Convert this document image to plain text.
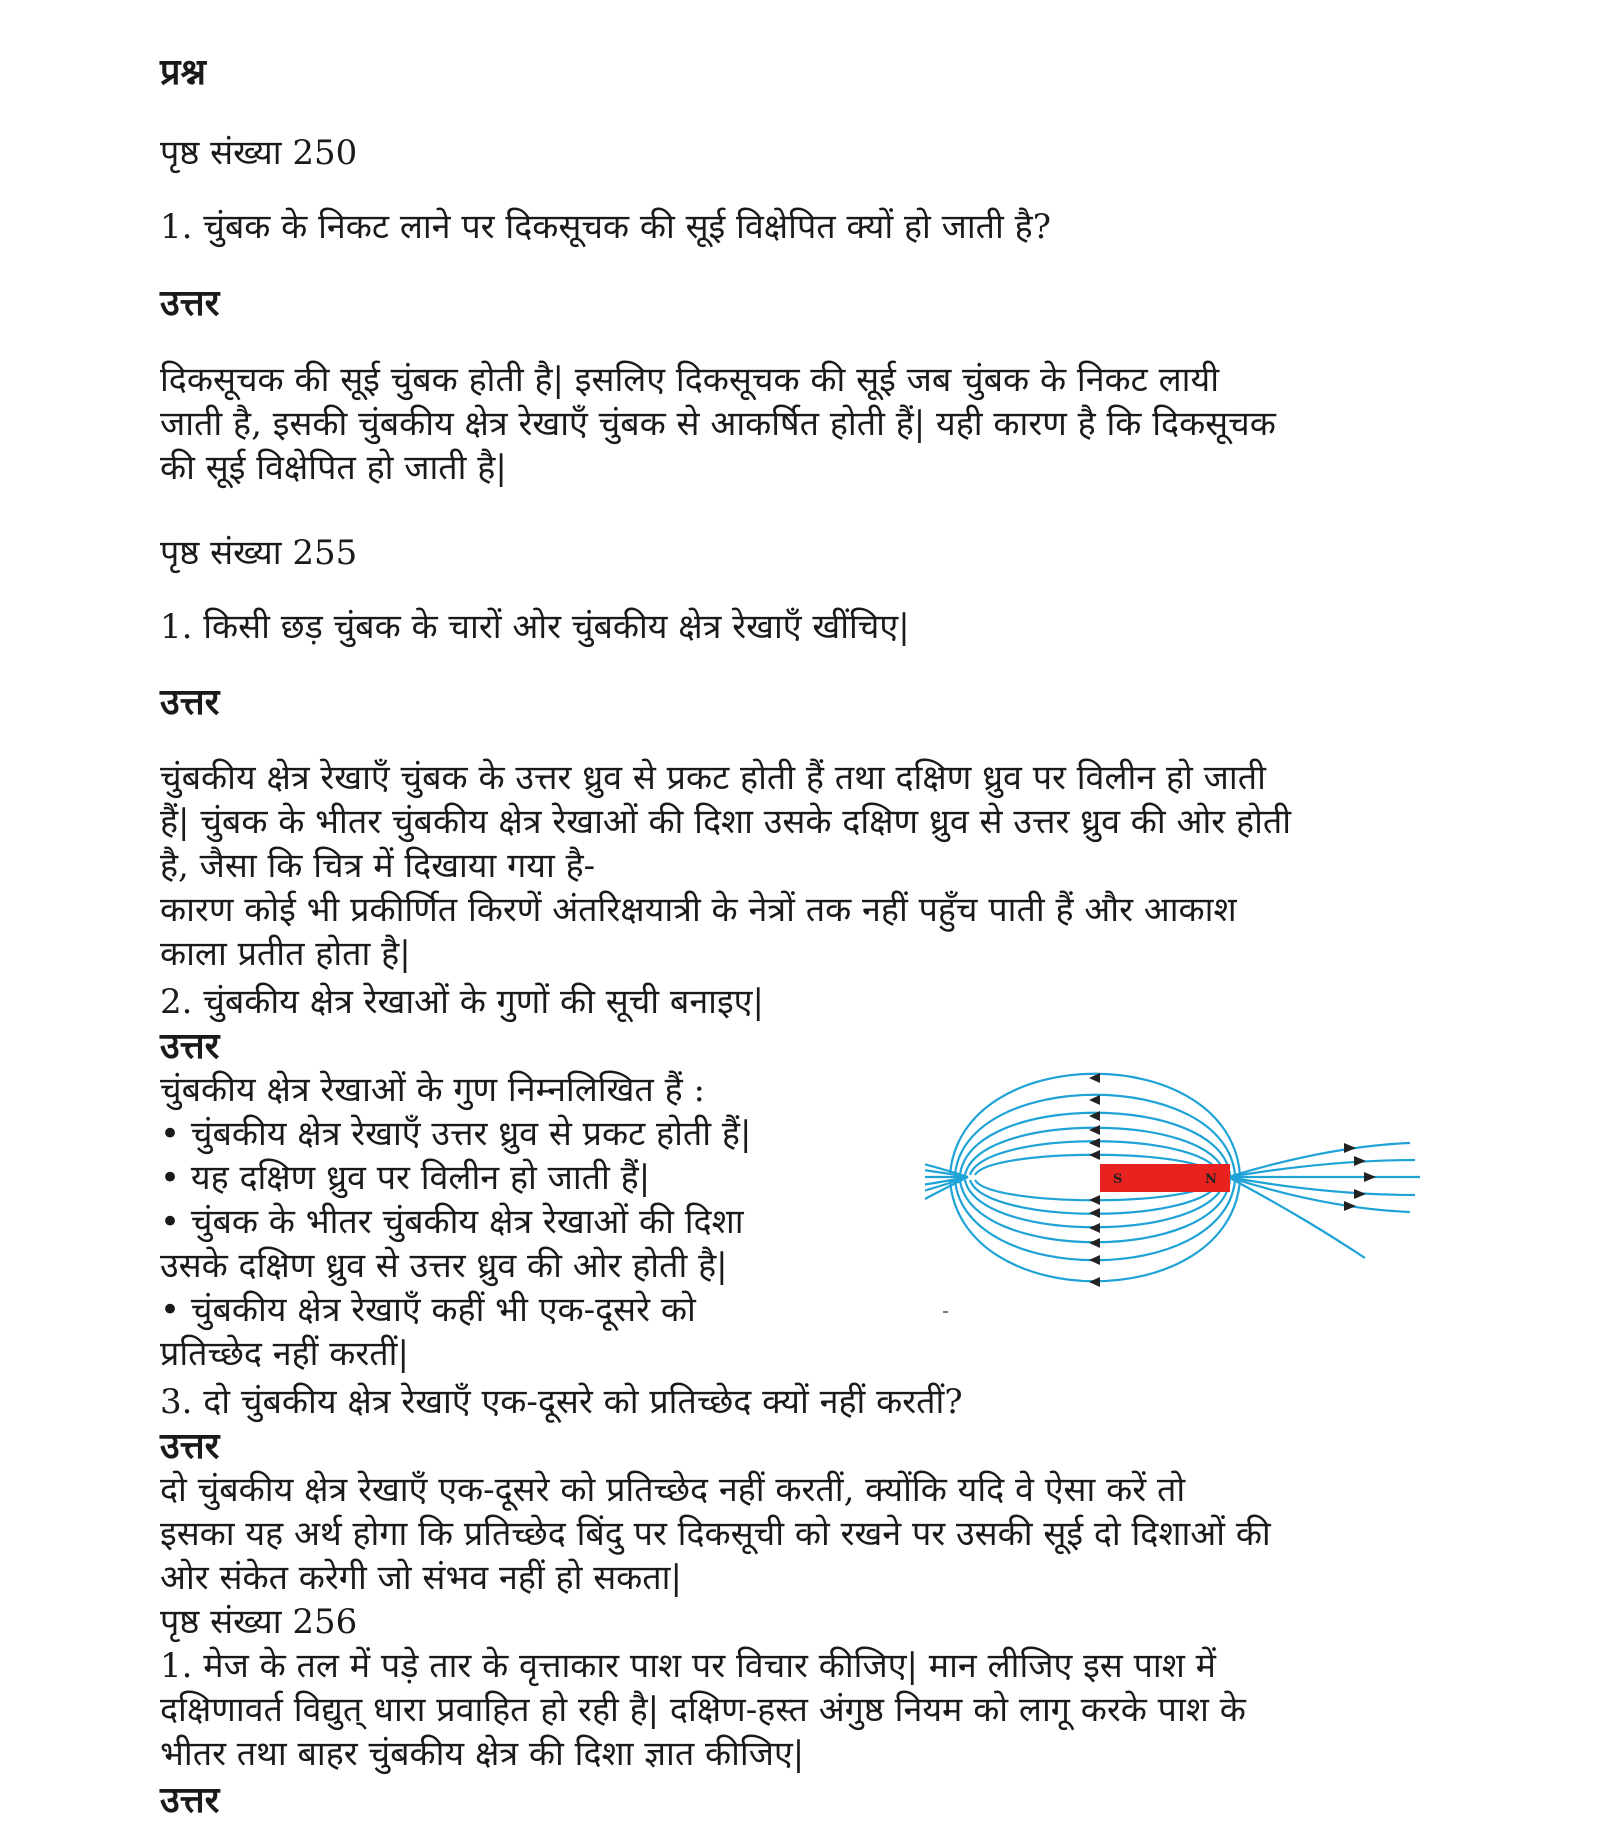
प्रश्न
पृष्ठ संख्या 250
1. चुंबक के निकट लाने पर दिकसूचक की सूई विक्षेपित क्यों हो जाती है?
उत्तर
दिकसूचक की सूई चुंबक होती है| इसलिए दिकसूचक की सूई जब चुंबक के निकट लायी
जाती है, इसकी चुंबकीय क्षेत्र रेखाएँ चुंबक से आकर्षित होती हैं| यही कारण है कि दिकसूचक
की सूई विक्षेपित हो जाती है|
पृष्ठ संख्या 255
1. किसी छड़ चुंबक के चारों ओर चुंबकीय क्षेत्र रेखाएँ खींचिए|
उत्तर
चुंबकीय क्षेत्र रेखाएँ चुंबक के उत्तर ध्रुव से प्रकट होती हैं तथा दक्षिण ध्रुव पर विलीन हो जाती
हैं| चुंबक के भीतर चुंबकीय क्षेत्र रेखाओं की दिशा उसके दक्षिण ध्रुव से उत्तर ध्रुव की ओर होती
है, जैसा कि चित्र में दिखाया गया है-
कारण कोई भी प्रकीर्णित किरणें अंतरिक्षयात्री के नेत्रों तक नहीं पहुँच पाती हैं और आकाश
काला प्रतीत होता है|
2. चुंबकीय क्षेत्र रेखाओं के गुणों की सूची बनाइए|
उत्तर
चुंबकीय क्षेत्र रेखाओं के गुण निम्नलिखित हैं :
• चुंबकीय क्षेत्र रेखाएँ उत्तर ध्रुव से प्रकट होती हैं|
• यह दक्षिण ध्रुव पर विलीन हो जाती हैं|
• चुंबक के भीतर चुंबकीय क्षेत्र रेखाओं की दिशा
उसके दक्षिण ध्रुव से उत्तर ध्रुव की ओर होती है|
• चुंबकीय क्षेत्र रेखाएँ कहीं भी एक-दूसरे को
प्रतिच्छेद नहीं करतीं|
S	N
3. दो चुंबकीय क्षेत्र रेखाएँ एक-दूसरे को प्रतिच्छेद क्यों नहीं करतीं?
उत्तर
दो चुंबकीय क्षेत्र रेखाएँ एक-दूसरे को प्रतिच्छेद नहीं करतीं, क्योंकि यदि वे ऐसा करें तो
इसका यह अर्थ होगा कि प्रतिच्छेद बिंदु पर दिकसूची को रखने पर उसकी सूई दो दिशाओं की
ओर संकेत करेगी जो संभव नहीं हो सकता|
पृष्ठ संख्या 256
1. मेज के तल में पड़े तार के वृत्ताकार पाश पर विचार कीजिए| मान लीजिए इस पाश में
दक्षिणावर्त विद्युत् धारा प्रवाहित हो रही है| दक्षिण-हस्त अंगुष्ठ नियम को लागू करके पाश के
भीतर तथा बाहर चुंबकीय क्षेत्र की दिशा ज्ञात कीजिए|
उत्तर
